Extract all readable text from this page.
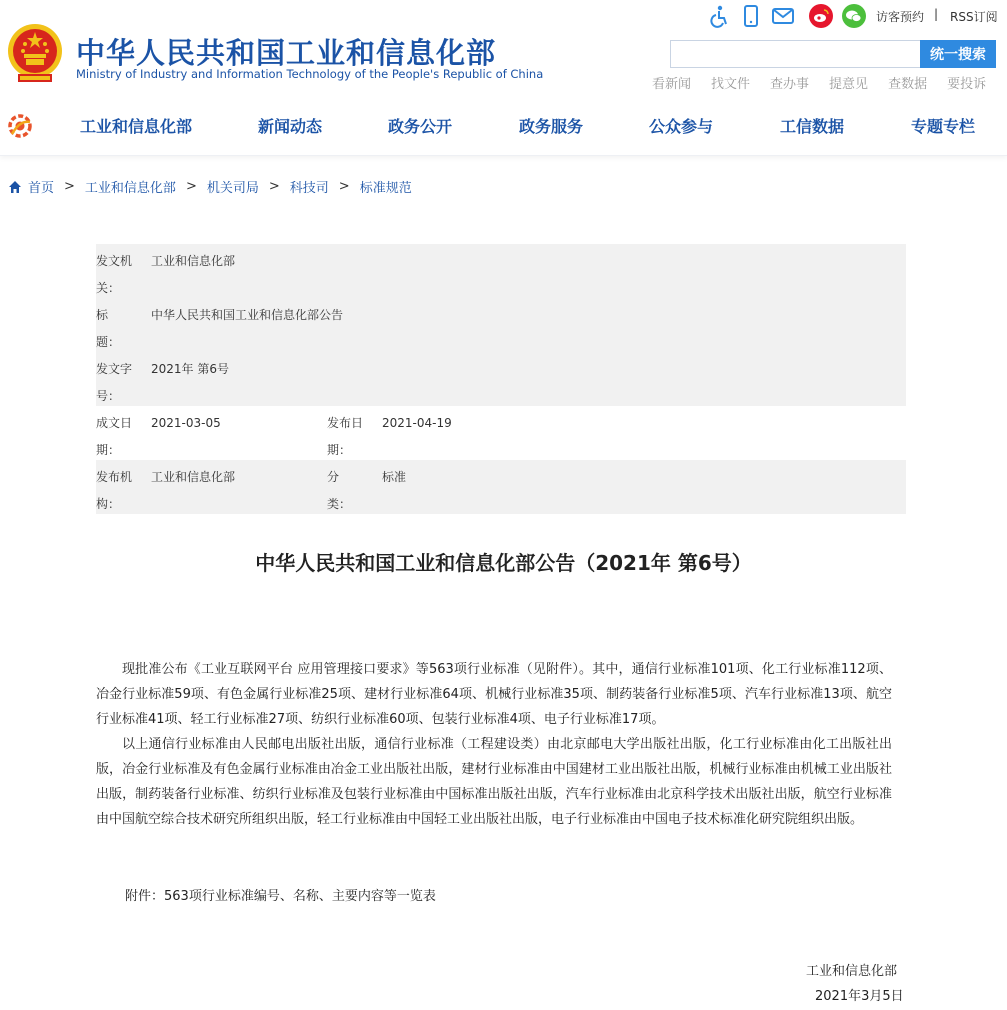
中华人民共和国工业和信息化部
Ministry of Industry and Information Technology of the People's Republic of China
访客预约 | RSS订阅
统一搜索
看新闻 找文件 查办事 提意见 查数据 要投诉
工业和信息化部	新闻动态	政务公开	政务服务	公众参与	工信数据	专题专栏
首页 > 工业和信息化部 > 机关司局 > 科技司 > 标准规范
发文机关：
工业和信息化部
标题：
中华人民共和国工业和信息化部公告
发文字号：
2021年 第6号
成文日期：
2021-03-05	发布日期：
2021-04-19
发布机构：
工业和信息化部	分类：
标准
中华人民共和国工业和信息化部公告（2021年 第6号）

现批准公布《工业互联网平台 应用管理接口要求》等563项行业标准（见附件）。其中，通信行业标准101项、化工行业标准112项、冶金行业标准59项、有色金属行业标准25项、建材行业标准64项、机械行业标准35项、制药装备行业标准5项、汽车行业标准13项、航空行业标准41项、轻工行业标准27项、纺织行业标准60项、包装行业标准4项、电子行业标准17项。

以上通信行业标准由人民邮电出版社出版，通信行业标准（工程建设类）由北京邮电大学出版社出版，化工行业标准由化工出版社出版，冶金行业标准及有色金属行业标准由冶金工业出版社出版，建材行业标准由中国建材工业出版社出版，机械行业标准由机械工业出版社出版，制药装备行业标准、纺织行业标准及包装行业标准由中国标准出版社出版，汽车行业标准由北京科学技术出版社出版，航空行业标准由中国航空综合技术研究所组织出版，轻工行业标准由中国轻工业出版社出版，电子行业标准由中国电子技术标准化研究院组织出版。

附件：563项行业标准编号、名称、主要内容等一览表
工业和信息化部
2021年3月5日
